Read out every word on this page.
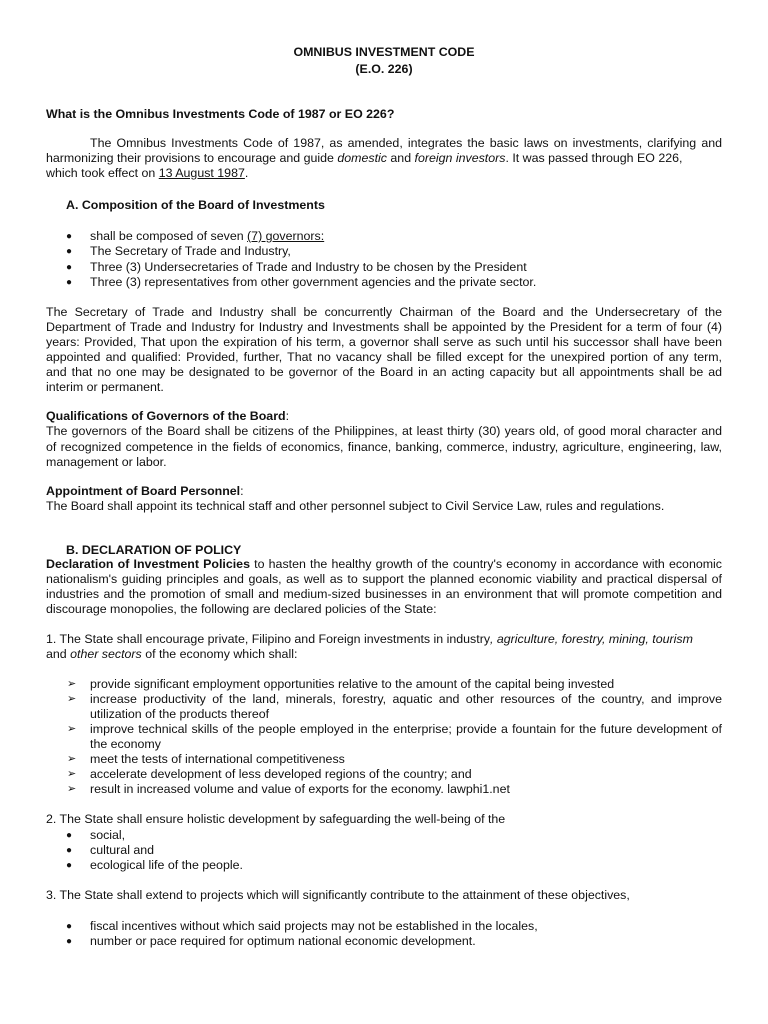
OMNIBUS INVESTMENT CODE
(E.O. 226)
What is the Omnibus Investments Code of 1987 or EO 226?
The Omnibus Investments Code of 1987, as amended, integrates the basic laws on investments, clarifying and
harmonizing their provisions to encourage and guide domestic and foreign investors. It was passed through EO 226,
which took effect on 13 August 1987.
A. Composition of the Board of Investments
● shall be composed of seven (7) governors:
● The Secretary of Trade and Industry,
● Three (3) Undersecretaries of Trade and Industry to be chosen by the President
● Three (3) representatives from other government agencies and the private sector.
The Secretary of Trade and Industry shall be concurrently Chairman of the Board and the Undersecretary of the
Department of Trade and Industry for Industry and Investments shall be appointed by the President for a term of four (4)
years: Provided, That upon the expiration of his term, a governor shall serve as such until his successor shall have been
appointed and qualified: Provided, further, That no vacancy shall be filled except for the unexpired portion of any term,
and that no one may be designated to be governor of the Board in an acting capacity but all appointments shall be ad
interim or permanent.
Qualifications of Governors of the Board:
The governors of the Board shall be citizens of the Philippines, at least thirty (30) years old, of good moral character and
of recognized competence in the fields of economics, finance, banking, commerce, industry, agriculture, engineering, law,
management or labor.
Appointment of Board Personnel:
The Board shall appoint its technical staff and other personnel subject to Civil Service Law, rules and regulations.
B. DECLARATION OF POLICY
Declaration of Investment Policies to hasten the healthy growth of the country's economy in accordance with economic
nationalism's guiding principles and goals, as well as to support the planned economic viability and practical dispersal of
industries and the promotion of small and medium-sized businesses in an environment that will promote competition and
discourage monopolies, the following are declared policies of the State:
1. The State shall encourage private, Filipino and Foreign investments in industry, agriculture, forestry, mining, tourism
and other sectors of the economy which shall:
➢ provide significant employment opportunities relative to the amount of the capital being invested
➢ increase productivity of the land, minerals, forestry, aquatic and other resources of the country, and improve
utilization of the products thereof
➢ improve technical skills of the people employed in the enterprise; provide a fountain for the future development of
the economy
➢ meet the tests of international competitiveness
➢ accelerate development of less developed regions of the country; and
➢ result in increased volume and value of exports for the economy. lawphi1.net
2. The State shall ensure holistic development by safeguarding the well-being of the
● social,
● cultural and
● ecological life of the people.
3. The State shall extend to projects which will significantly contribute to the attainment of these objectives,
● fiscal incentives without which said projects may not be established in the locales,
● number or pace required for optimum national economic development.
